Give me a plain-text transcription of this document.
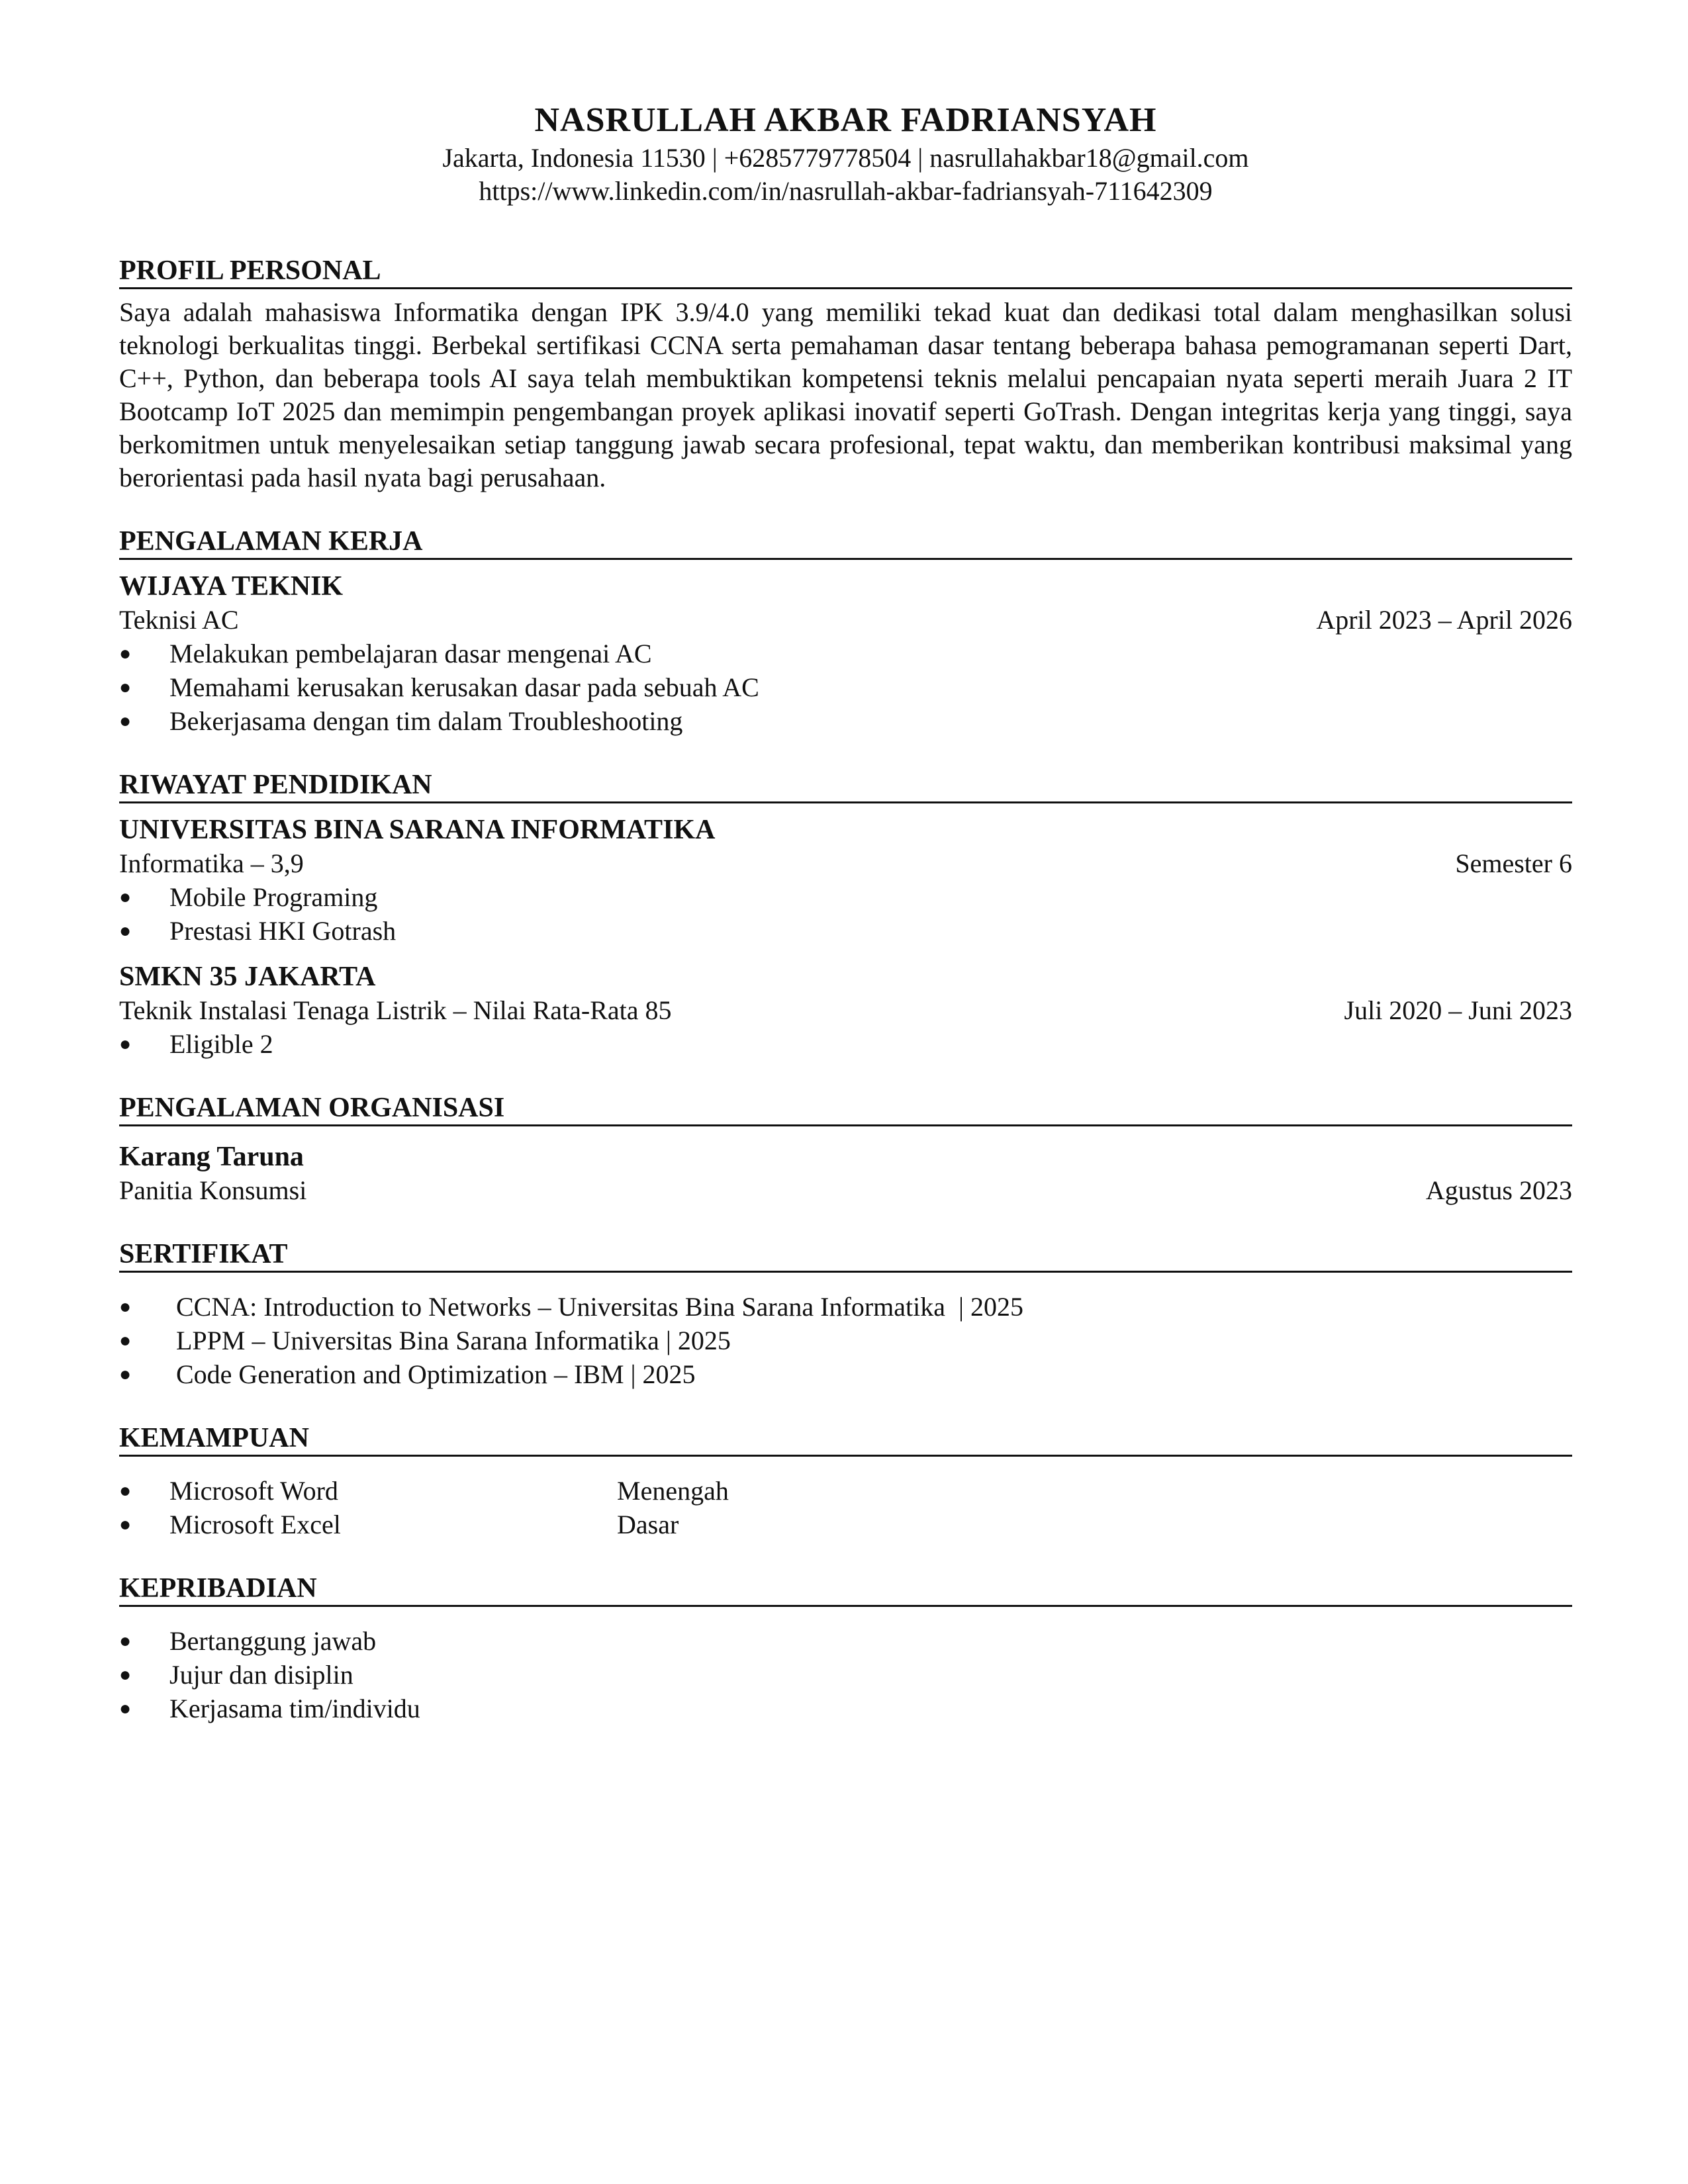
NASRULLAH AKBAR FADRIANSYAH
Jakarta, Indonesia 11530 | +6285779778504 | nasrullahakbar18@gmail.com
https://www.linkedin.com/in/nasrullah-akbar-fadriansyah-711642309
PROFIL PERSONAL
Saya adalah mahasiswa Informatika dengan IPK 3.9/4.0 yang memiliki tekad kuat dan dedikasi total dalam menghasilkan solusi teknologi berkualitas tinggi. Berbekal sertifikasi CCNA serta pemahaman dasar tentang beberapa bahasa pemogramanan seperti Dart, C++, Python, dan beberapa tools AI saya telah membuktikan kompetensi teknis melalui pencapaian nyata seperti meraih Juara 2 IT Bootcamp IoT 2025 dan memimpin pengembangan proyek aplikasi inovatif seperti GoTrash. Dengan integritas kerja yang tinggi, saya berkomitmen untuk menyelesaikan setiap tanggung jawab secara profesional, tepat waktu, dan memberikan kontribusi maksimal yang berorientasi pada hasil nyata bagi perusahaan.
PENGALAMAN KERJA
WIJAYA TEKNIK
Teknisi AC	April 2023 – April 2026
●	Melakukan pembelajaran dasar mengenai AC
●	Memahami kerusakan kerusakan dasar pada sebuah AC
●	Bekerjasama dengan tim dalam Troubleshooting
RIWAYAT PENDIDIKAN
UNIVERSITAS BINA SARANA INFORMATIKA
Informatika – 3,9	Semester 6
●	Mobile Programing
●	Prestasi HKI Gotrash
SMKN 35 JAKARTA
Teknik Instalasi Tenaga Listrik – Nilai Rata-Rata 85	Juli 2020 – Juni 2023
●	Eligible 2
PENGALAMAN ORGANISASI
Karang Taruna
Panitia Konsumsi	Agustus 2023
SERTIFIKAT
●	CCNA: Introduction to Networks – Universitas Bina Sarana Informatika  | 2025
●	LPPM – Universitas Bina Sarana Informatika | 2025
●	Code Generation and Optimization – IBM | 2025
KEMAMPUAN
●	Microsoft Word	Menengah
●	Microsoft Excel	Dasar
KEPRIBADIAN
●	Bertanggung jawab
●	Jujur dan disiplin
●	Kerjasama tim/individu
